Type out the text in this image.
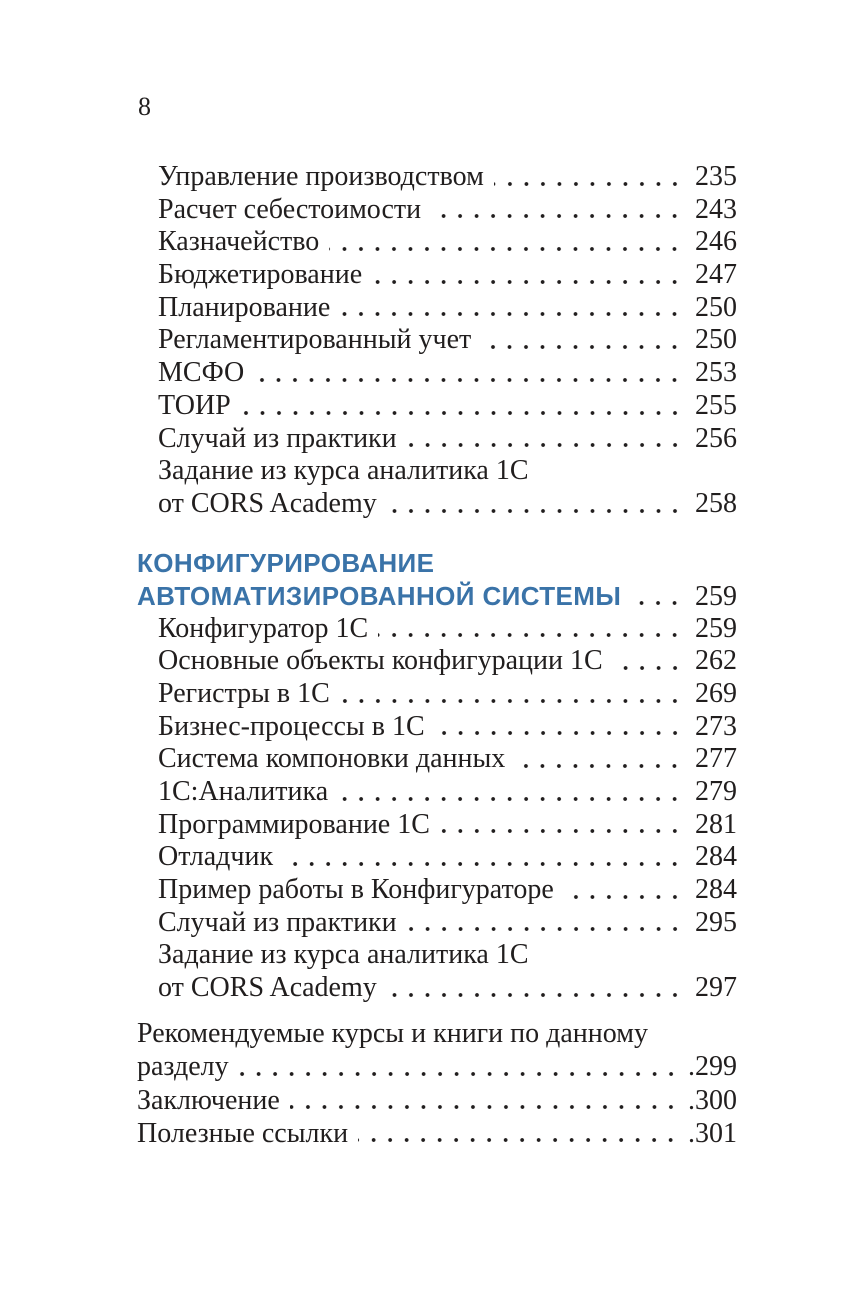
8
Управление производством	235
Расчет себестоимости	243
Казначейство	246
Бюджетирование	247
Планирование	250
Регламентированный учет	250
МСФО	253
ТОИР	255
Случай из практики	256
Задание из курса аналитика 1С
от CORS Academy	258
КОНФИГУРИРОВАНИЕ
АВТОМАТИЗИРОВАННОЙ СИСТЕМЫ	259
Конфигуратор 1С	259
Основные объекты конфигурации 1С	262
Регистры в 1С	269
Бизнес-процессы в 1С	273
Система компоновки данных	277
1С:Аналитика	279
Программирование 1С	281
Отладчик	284
Пример работы в Конфигураторе	284
Случай из практики	295
Задание из курса аналитика 1С
от CORS Academy	297
Рекомендуемые курсы и книги по данному
разделу	.299
Заключение	.300
Полезные ссылки	.301
